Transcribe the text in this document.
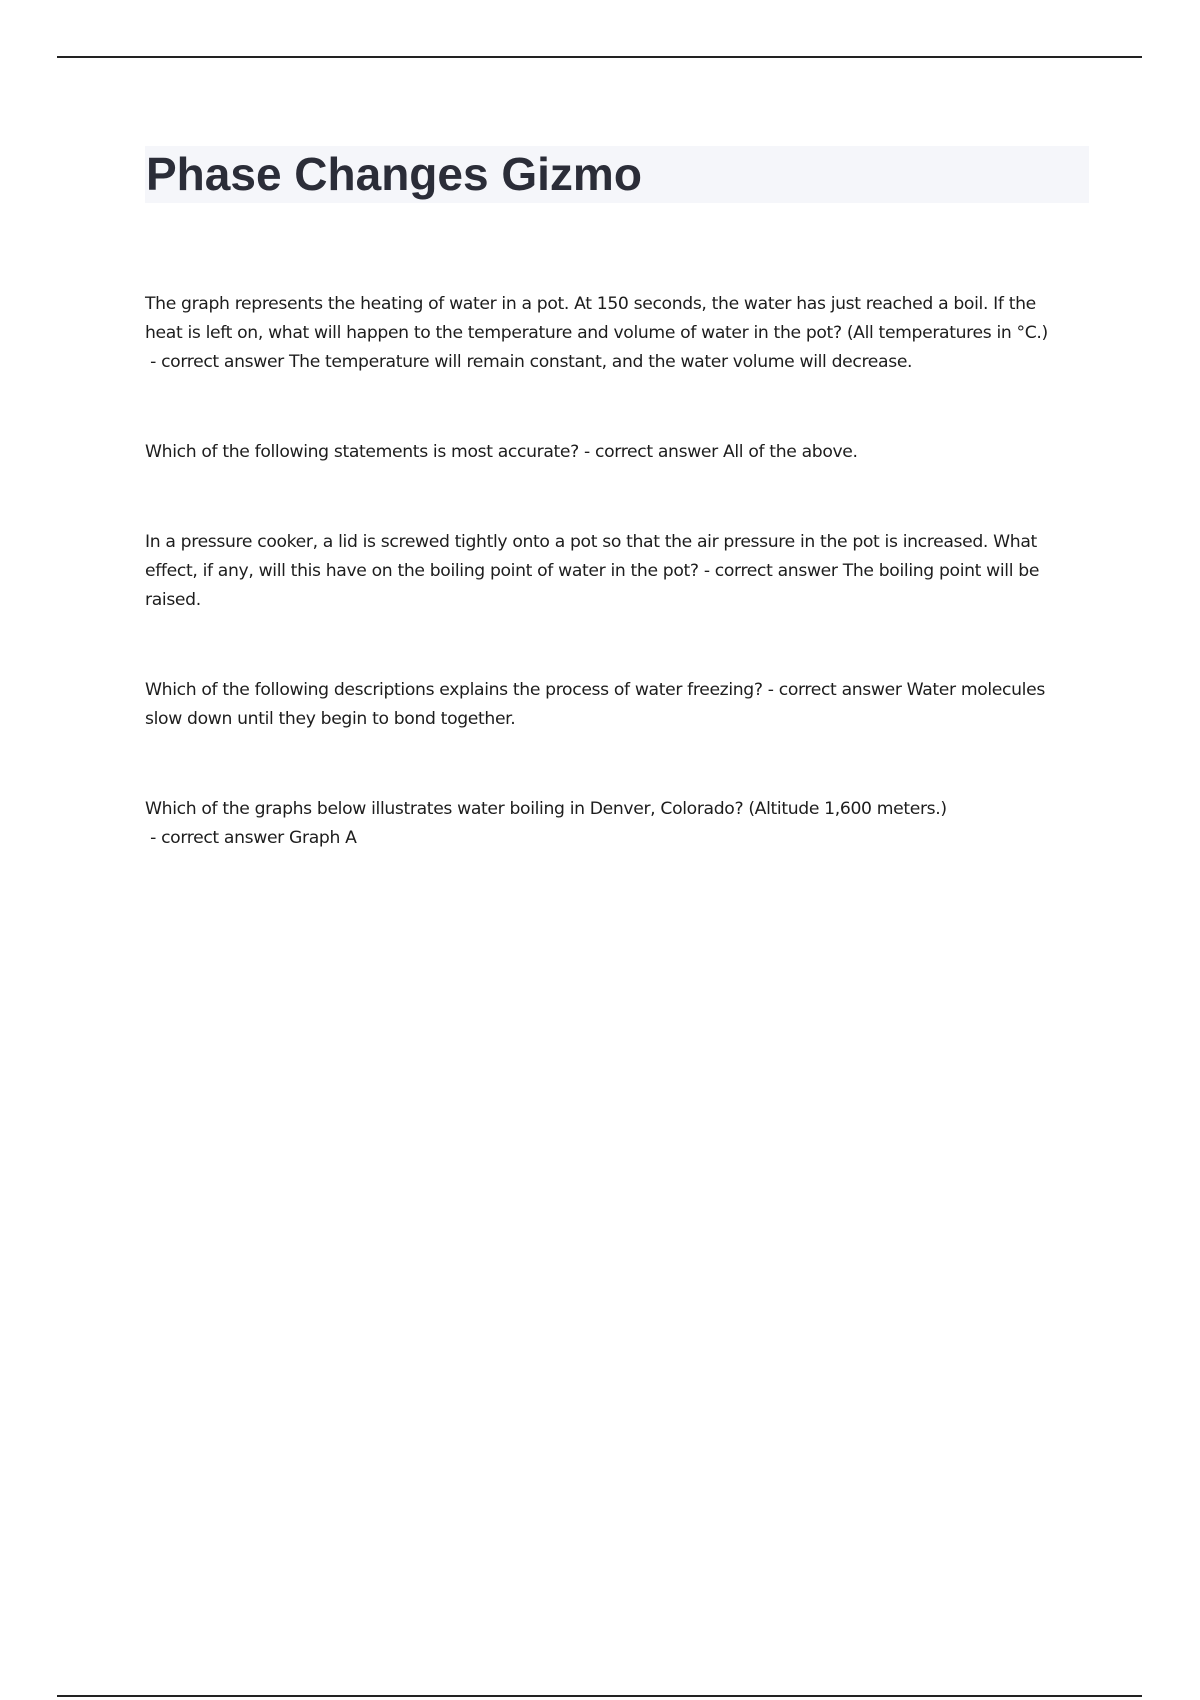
Phase Changes Gizmo
The graph represents the heating of water in a pot. At 150 seconds, the water has just reached a boil. If the heat is left on, what will happen to the temperature and volume of water in the pot? (All temperatures in °C.) - correct answer The temperature will remain constant, and the water volume will decrease.
Which of the following statements is most accurate? - correct answer All of the above.
In a pressure cooker, a lid is screwed tightly onto a pot so that the air pressure in the pot is increased. What effect, if any, will this have on the boiling point of water in the pot? - correct answer The boiling point will be raised.
Which of the following descriptions explains the process of water freezing? - correct answer Water molecules slow down until they begin to bond together.
Which of the graphs below illustrates water boiling in Denver, Colorado? (Altitude 1,600 meters.) - correct answer Graph A
